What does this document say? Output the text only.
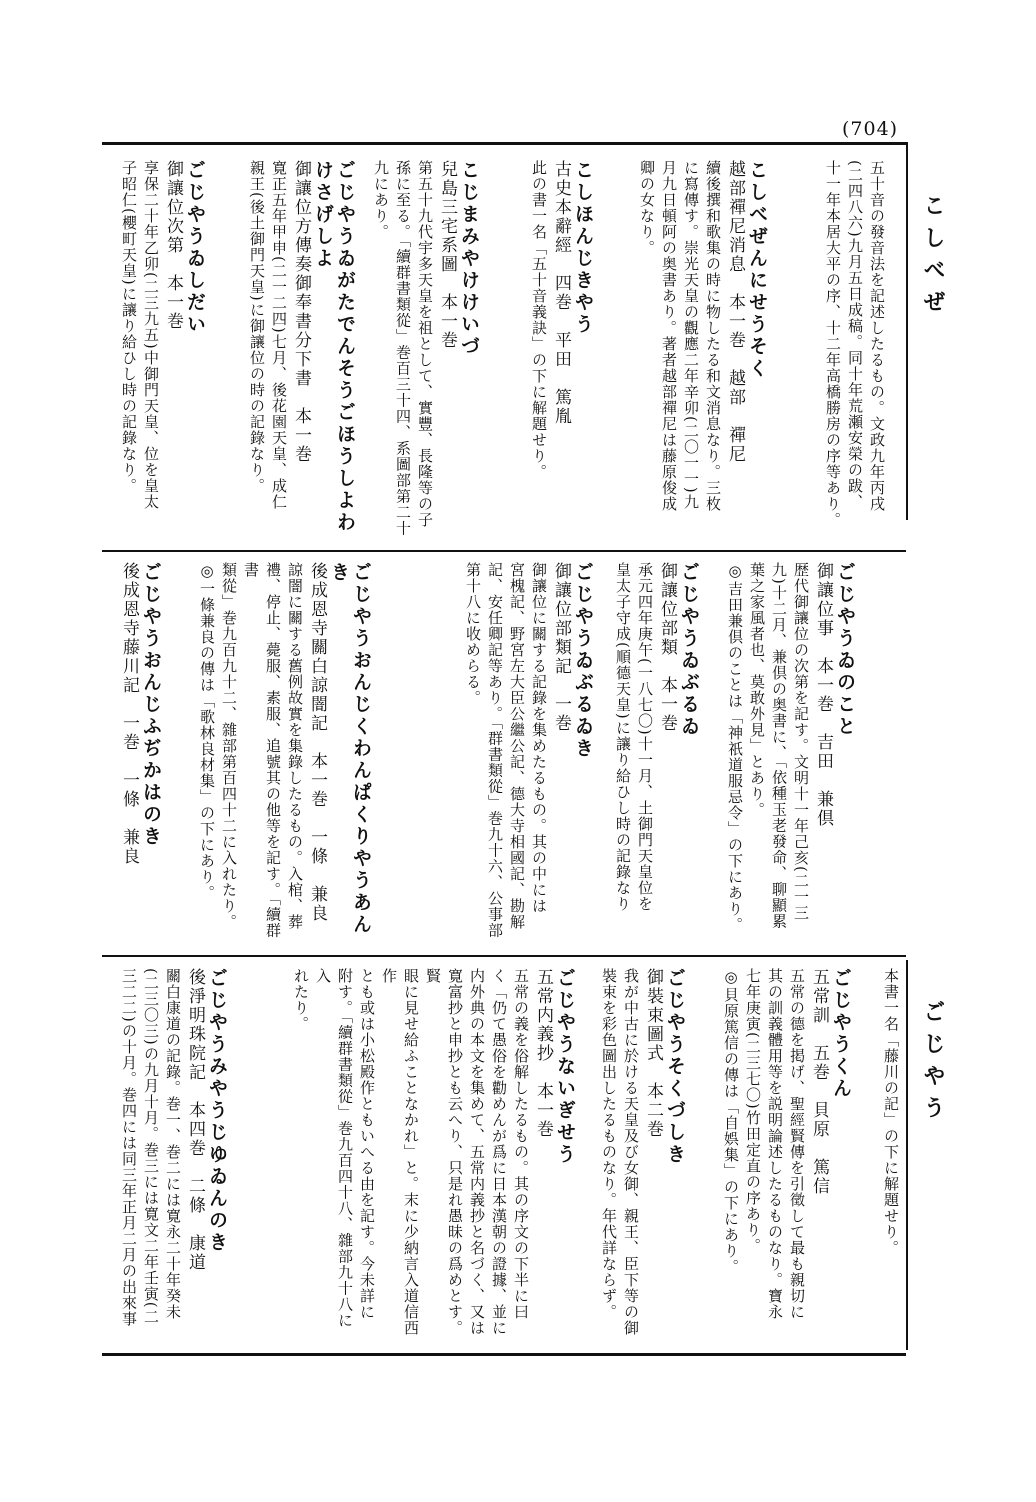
(704)
こしべぜ
ごじやう
五十音の發音法を記述したるもの。文政九年丙戌
(二四八六)九月五日成稿。同十年荒瀬安榮の跋、
十一年本居大平の序、十二年高橋勝房の序等あり。
こしべぜんにせうそく
越部禪尼消息　本一巻　越部　禪尼
續後撰和歌集の時に物したる和文消息なり。三枚
に寫傳す。崇光天皇の觀應二年辛卯(二〇一一)九
月九日頓阿の奥書あり。著者越部禪尼は藤原俊成
卿の女なり。
こしほんじきやう
古史本辭經　四巻　平田　篤胤
此の書一名「五十音義訣」の下に解題せり。
こじまみやけけいづ
兒島三宅系圖　本一巻
第五十九代宇多天皇を祖として、實豐、長隆等の子
孫に至る。「續群書類從」巻百三十四、系圖部第二十
九にあり。
ごじやうゐがたでんそうごほうしよわけさげしよ
御讓位方傳奏御奉書分下書　本一巻
寛正五年甲申(二一二四)七月、後花園天皇、成仁
親王(後土御門天皇)に御讓位の時の記錄なり。
ごじやうゐしだい
御讓位次第　本一巻
享保二十年乙卯(二三九五)中御門天皇、位を皇太
子昭仁(櫻町天皇)に讓り給ひし時の記錄なり。
ごじやうゐのこと
御讓位事　本一巻　吉田　兼倶
歴代御讓位の次第を記す。文明十一年己亥(二一三
九)十二月、兼倶の奥書に、「依種玉老發命、聊顯累
葉之家風者也、莫敢外見」とあり。
◎吉田兼倶のことは「神祇道服忌令」の下にあり。
ごじやうゐぶるゐ
御讓位部類　本一巻
承元四年庚午(一八七〇)十一月、土御門天皇位を
皇太子守成(順德天皇)に讓り給ひし時の記錄なり
ごじやうゐぶるゐき
御讓位部類記　一巻
御讓位に關する記錄を集めたるもの。其の中には
宮槐記、野宮左大臣公繼公記、德大寺相國記、勘解
記、安任卿記等あり。「群書類從」巻九十六、公事部
第十八に收めらる。
ごじやうおんじくわんぱくりやうあんき
後成恩寺關白諒闇記　本一巻　一條　兼良
諒闇に關する舊例故實を集錄したるもの。入棺、葬
禮、停止、薨服、素服、追號其の他等を記す。「續群書
類從」巻九百九十二、雜部第百四十二に入れたり。
◎一條兼良の傳は「歌林良材集」の下にあり。
ごじやうおんじふぢかはのき
後成恩寺藤川記　一巻　一條　兼良
本書一名「藤川の記」の下に解題せり。
ごじやうくん
五常訓　五巻　貝原　篤信
五常の德を掲げ、聖經賢傳を引徵して最も親切に
其の訓義體用等を説明論述したるものなり。寶永
七年庚寅(二三七〇)竹田定直の序あり。
◎貝原篤信の傳は「自娯集」の下にあり。
ごじやうそくづしき
御裝束圖式　本二巻
我が中古に於ける天皇及び女御、親王、臣下等の御
裝束を彩色圖出したるものなり。年代詳ならず。
ごじやうないぎせう
五常内義抄　本一巻
五常の義を俗解したるもの。其の序文の下半に曰
く「仍て愚俗を勸めんが爲に日本漢朝の證據、並に
内外典の本文を集めて、五常内義抄と名づく、又は
寛富抄と申抄とも云へり、只是れ愚昧の爲めとす。賢
眼に見せ給ふことなかれ」と。末に少納言入道信西作
とも或は小松殿作ともいへる由を記す。今未詳に
附す。「續群書類從」巻九百四十八、雜部九十八に入
れたり。
ごじやうみやうじゆゐんのき
後淨明珠院記　本四巻　二條　康道
關白康道の記錄。巻一、巻二には寛永二十年癸未
(二三〇三)の九月十月。巻三には寛文二年壬寅(二
三二二)の十月。巻四には同三年正月二月の出來事
